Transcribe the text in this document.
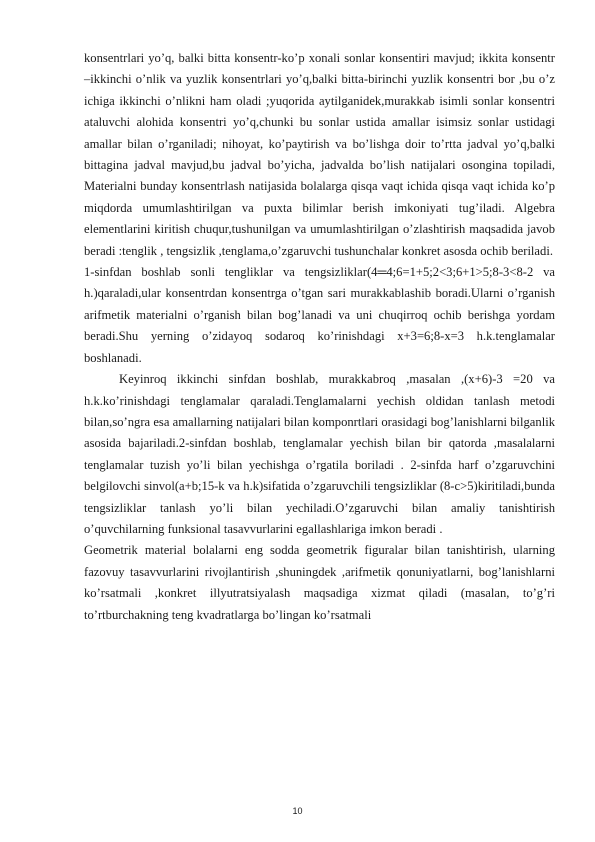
konsentrlari yo’q, balki bitta konsentr-ko’p xonali sonlar konsentiri mavjud; ikkita konsentr –ikkinchi o’nlik va yuzlik konsentrlari yo’q,balki bitta-birinchi yuzlik konsentri bor ,bu o’z ichiga ikkinchi o’nlikni ham oladi ;yuqorida aytilganidek,murakkab isimli sonlar konsentri ataluvchi alohida konsentri yo’q,chunki bu sonlar ustida amallar isimsiz sonlar ustidagi amallar bilan o’rganiladi; nihoyat, ko’paytirish va bo’lishga doir to’rtta jadval yo’q,balki bittagina jadval mavjud,bu jadval bo’yicha, jadvalda bo’lish natijalari osongina topiladi, Materialni bunday konsentrlash natijasida bolalarga qisqa vaqt ichida qisqa vaqt ichida ko’p miqdorda umumlashtirilgan va puxta bilimlar berish imkoniyati tug’iladi. Algebra elementlarini kiritish chuqur,tushunilgan va umumlashtirilgan o’zlashtirish maqsadida javob beradi :tenglik , tengsizlik ,tenglama,o’zgaruvchi tushunchalar konkret asosda ochib beriladi.

1-sinfdan boshlab sonli tengliklar va tengsizliklar(4═4;6=1+5;2<3;6+1>5;8-3<8-2 va h.)qaraladi,ular konsentrdan konsentrga o’tgan sari murakkablashib boradi.Ularni o’rganish arifmetik materialni o’rganish bilan bog’lanadi va uni chuqirroq ochib berishga yordam beradi.Shu yerning o’zidayoq sodaroq ko’rinishdagi x+3=6;8-x=3 h.k.tenglamalar boshlanadi.

Keyinroq ikkinchi sinfdan boshlab, murakkabroq ,masalan ,(x+6)-3 =20 va h.k.ko’rinishdagi tenglamalar qaraladi.Tenglamalarni yechish oldidan tanlash metodi bilan,so’ngra esa amallarning natijalari bilan komponrtlari orasidagi bog’lanishlarni bilganlik asosida bajariladi.2-sinfdan boshlab, tenglamalar yechish bilan bir qatorda ,masalalarni tenglamalar tuzish yo’li bilan yechishga o’rgatila boriladi . 2-sinfda harf o’zgaruvchini belgilovchi sinvol(a+b;15-k va h.k)sifatida o’zgaruvchili tengsizliklar (8-c>5)kiritiladi,bunda tengsizliklar tanlash yo’li bilan yechiladi.O’zgaruvchi bilan amaliy tanishtirish o’quvchilarning funksional tasavvurlarini egallashlariga imkon beradi .

Geometrik material bolalarni eng sodda geometrik figuralar bilan tanishtirish, ularning fazovuy tasavvurlarini rivojlantirish ,shuningdek ,arifmetik qonuniyatlarni, bog’lanishlarni ko’rsatmali ,konkret illyutratsiyalash maqsadiga xizmat qiladi (masalan, to’g’ri to’rtburchakning teng kvadratlarga bo’lingan ko’rsatmali

10
